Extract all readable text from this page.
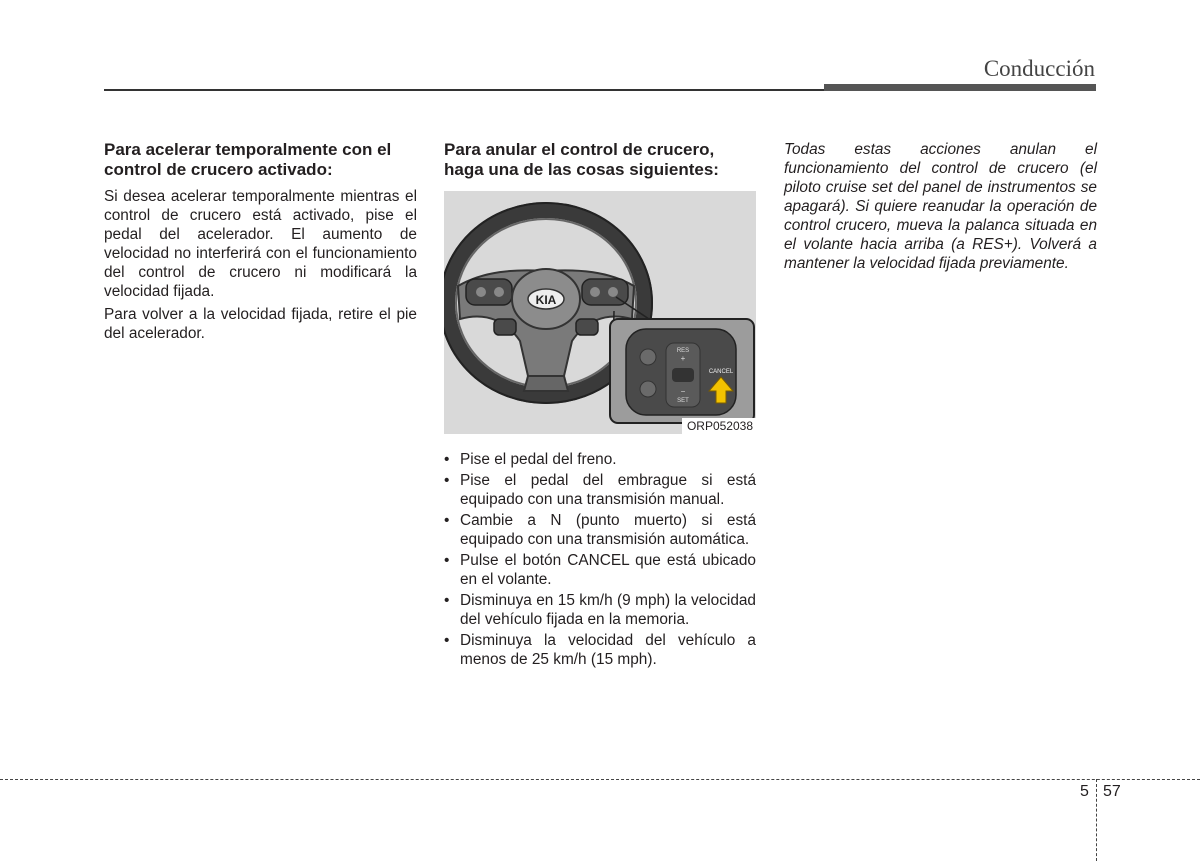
Conducción
Para acelerar temporalmente con el control de crucero activado:

Si desea acelerar temporalmente mientras el control de crucero está activado, pise el pedal del acelerador. El aumento de velocidad no interferirá con el funcionamiento del control de crucero ni modificará la velocidad fijada.

Para volver a la velocidad fijada, retire el pie del acelerador.

Para anular el control de crucero, haga una de las cosas siguientes:
KIA
RES
+
−
SET
CANCEL
ORP052038
• Pise el pedal del freno.
• Pise el pedal del embrague si está equipado con una transmisión manual.
• Cambie a N (punto muerto) si está equipado con una transmisión automática.
• Pulse el botón CANCEL que está ubicado en el volante.
• Disminuya en 15 km/h (9 mph) la velocidad del vehículo fijada en la memoria.
• Disminuya la velocidad del vehículo a menos de 25 km/h (15 mph).

Todas estas acciones anulan el funcionamiento del control de crucero (el piloto cruise set del panel de instrumentos se apagará). Si quiere reanudar la operación de control crucero, mueva la palanca situada en el volante hacia arriba (a RES+). Volverá a mantener la velocidad fijada previamente.

5 57
